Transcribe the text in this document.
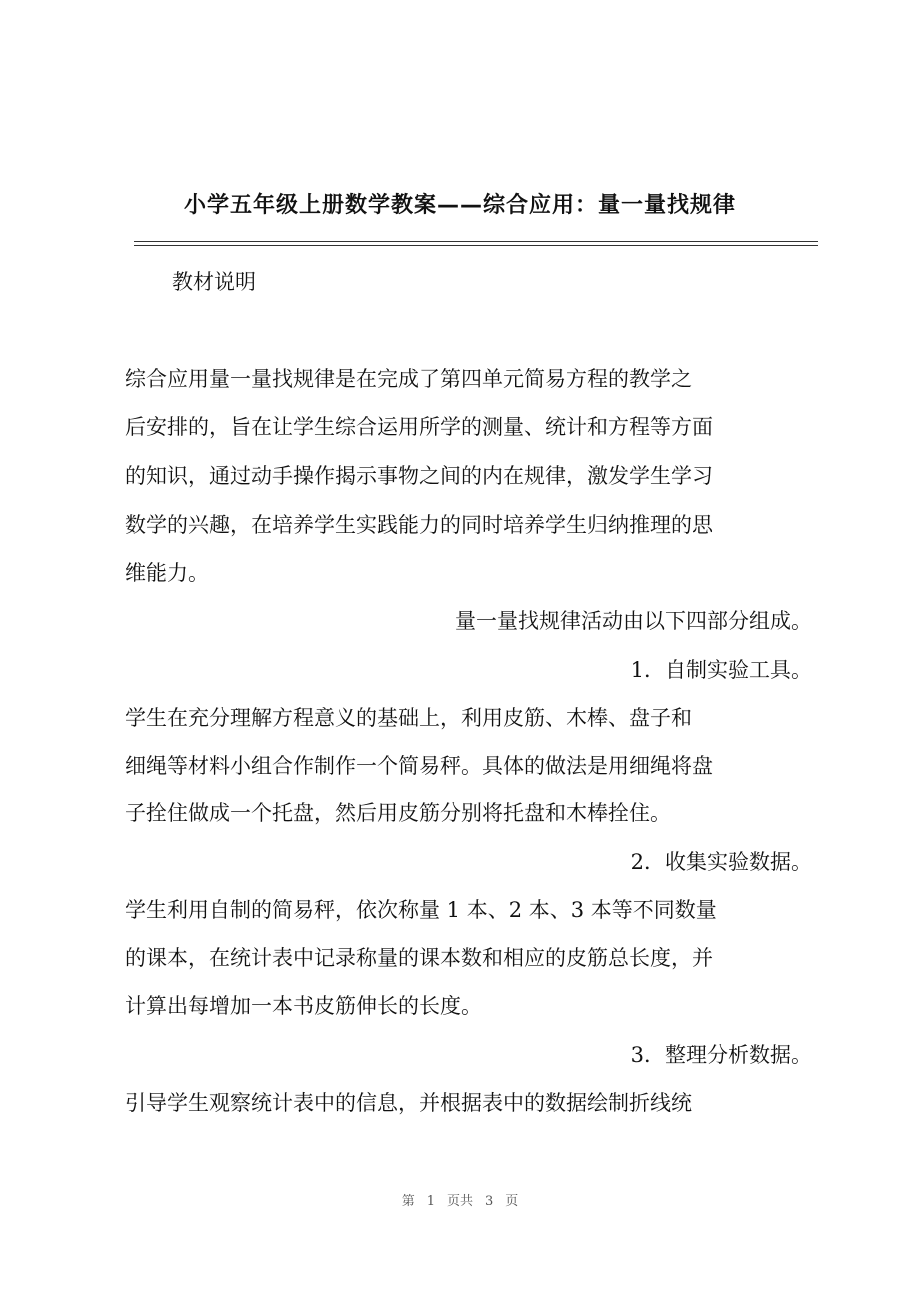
小学五年级上册数学教案——综合应用：量一量找规律
教材说明
综合应用量一量找规律是在完成了第四单元简易方程的教学之
后安排的，旨在让学生综合运用所学的测量、统计和方程等方面
的知识，通过动手操作揭示事物之间的内在规律，激发学生学习
数学的兴趣，在培养学生实践能力的同时培养学生归纳推理的思
维能力。
量一量找规律活动由以下四部分组成。
1．自制实验工具。
学生在充分理解方程意义的基础上，利用皮筋、木棒、盘子和
细绳等材料小组合作制作一个简易秤。具体的做法是用细绳将盘
子拴住做成一个托盘，然后用皮筋分别将托盘和木棒拴住。
2．收集实验数据。
学生利用自制的简易秤，依次称量 1 本、2 本、3 本等不同数量
的课本，在统计表中记录称量的课本数和相应的皮筋总长度，并
计算出每增加一本书皮筋伸长的长度。
3．整理分析数据。
引导学生观察统计表中的信息，并根据表中的数据绘制折线统
第 1 页共 3 页
